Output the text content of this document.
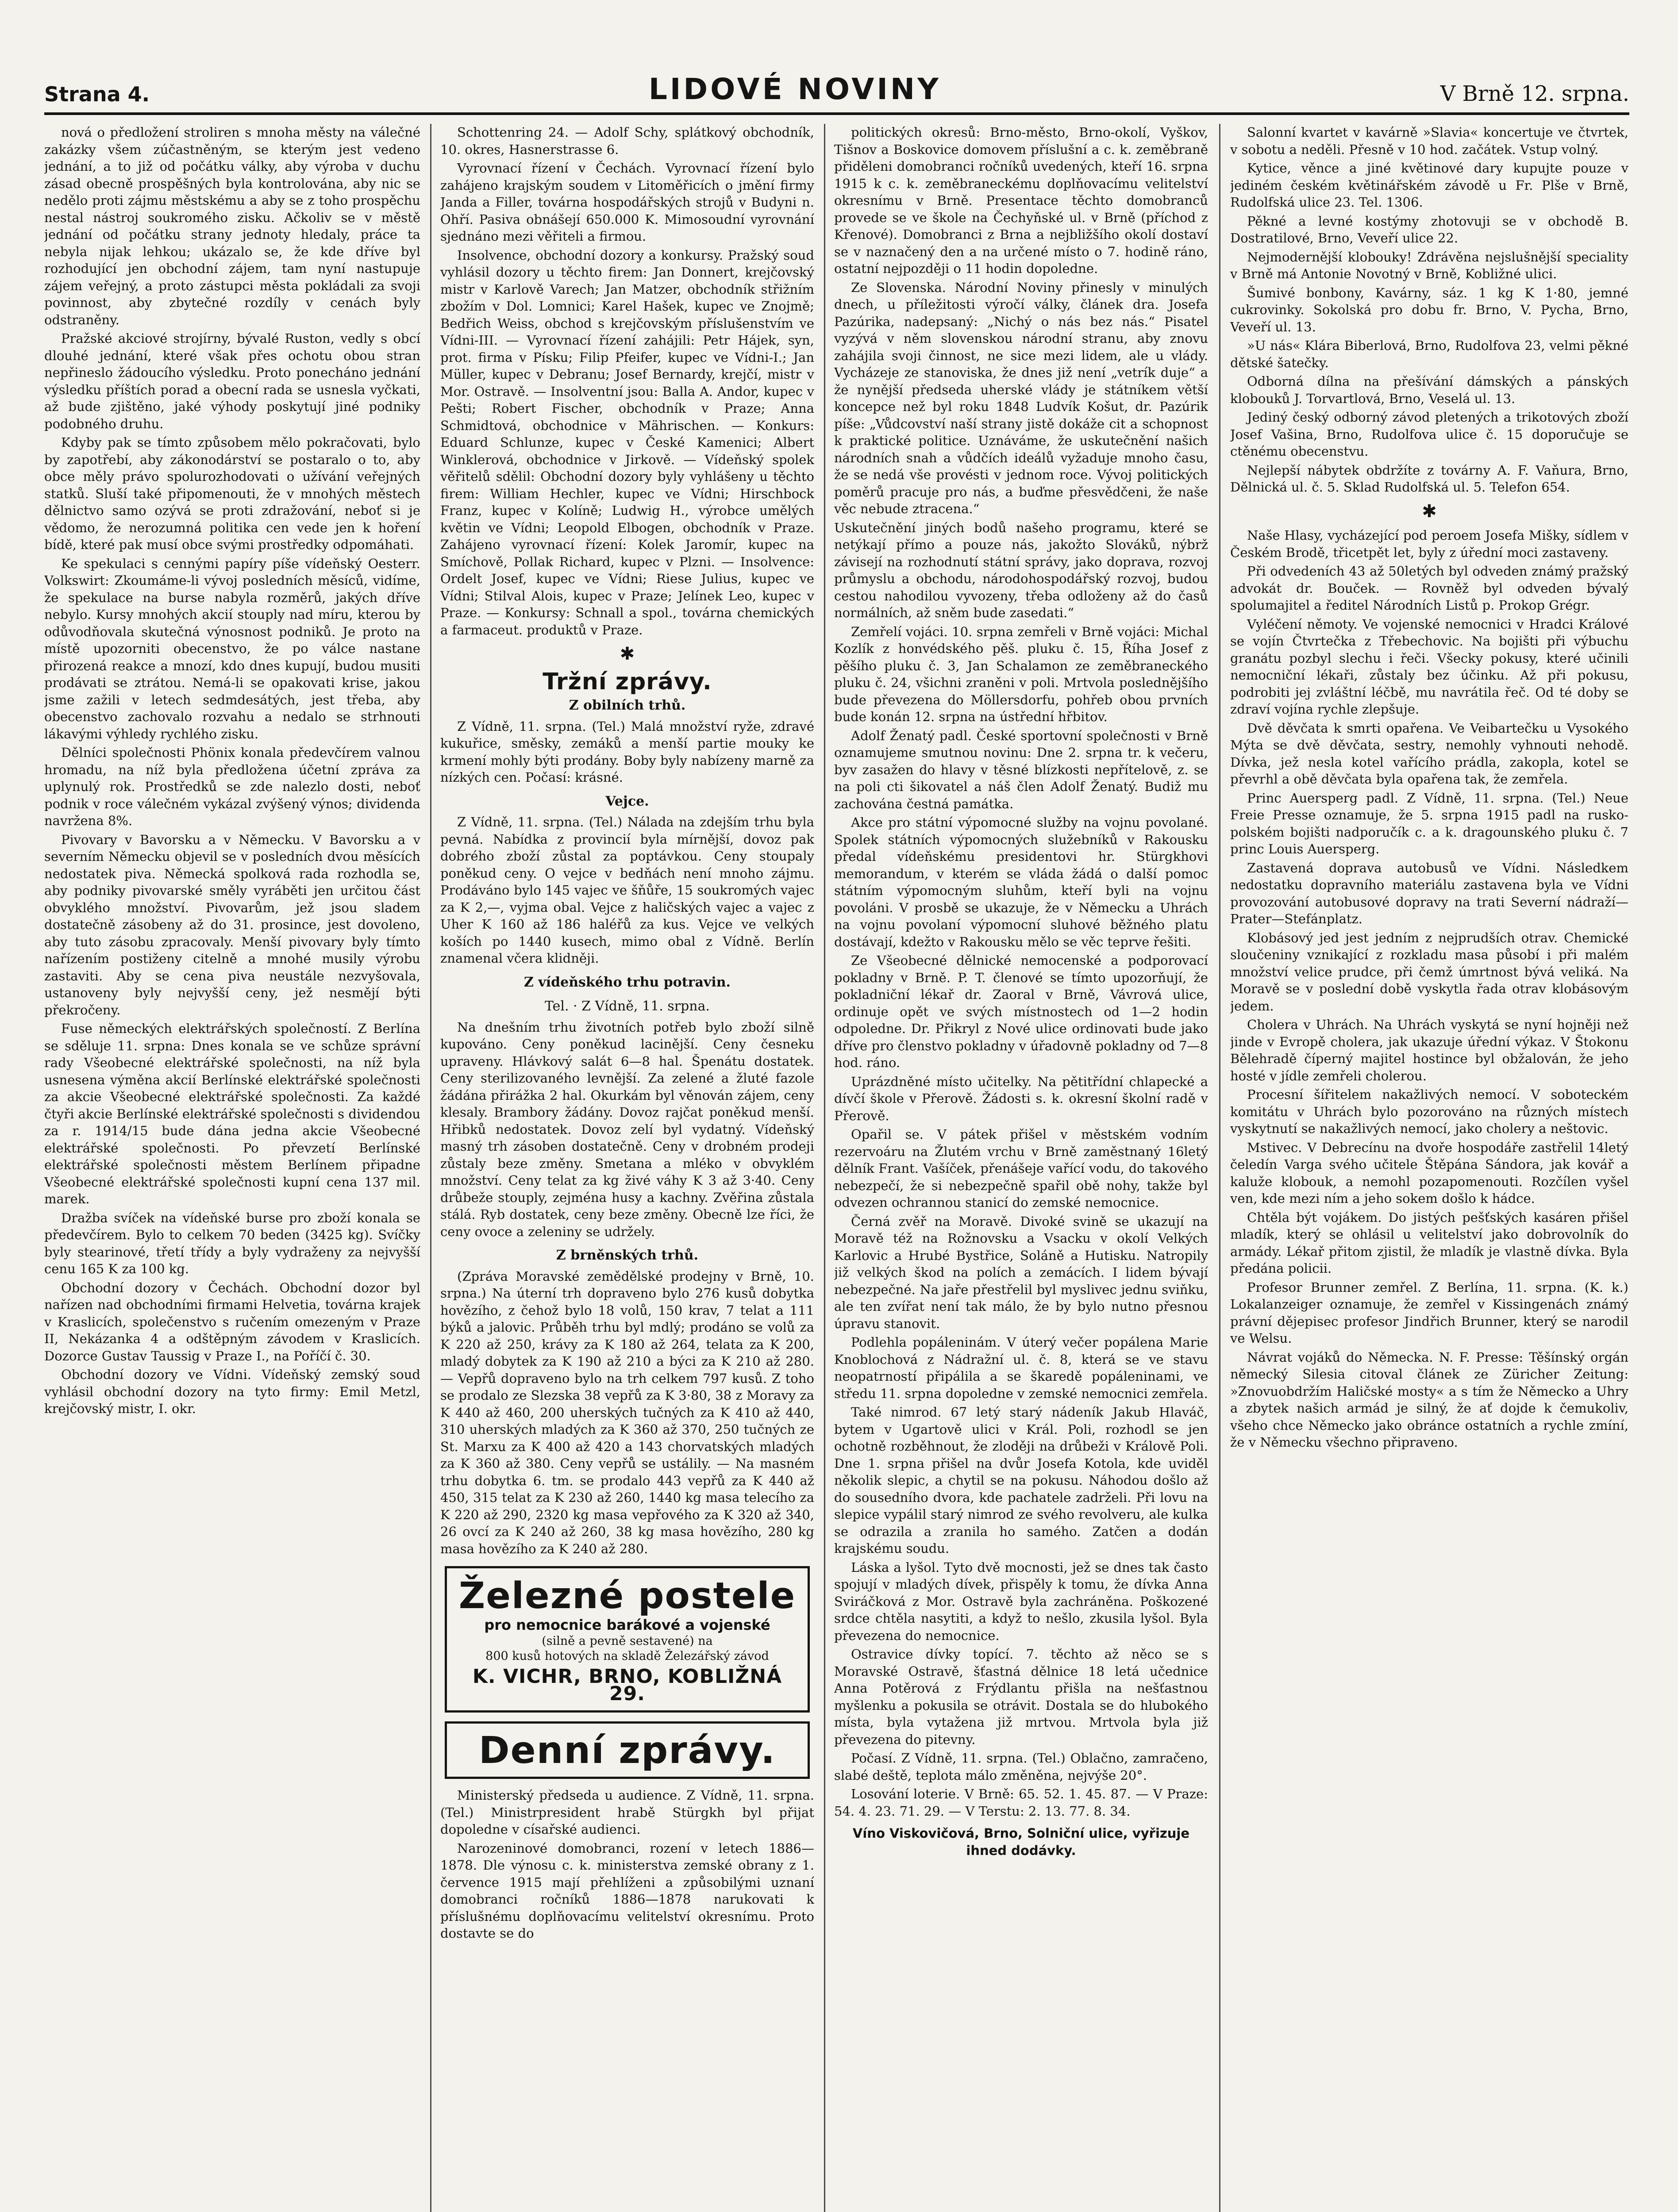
Strana 4.	LIDOVÉ NOVINY	V Brně 12. srpna.

nová o předložení stroliren s mnoha městy na válečné zakázky všem zúčastněným, se kterým jest vedeno jednání, a to již od počátku války, aby výroba v duchu zásad obecně prospěšných byla kontrolována, aby nic se nedělo proti zájmu městskému a aby se z toho prospěchu nestal nástroj soukromého zisku. Ačkoliv se v městě jednání od počátku strany jednoty hledaly, práce ta nebyla nijak lehkou; ukázalo se, že kde dříve byl rozhodující jen obchodní zájem, tam nyní nastupuje zájem veřejný, a proto zástupci města pokládali za svoji povinnost, aby zbytečné rozdíly v cenách byly odstraněny.

Pražské akciové strojírny, bývalé Ruston, vedly s obcí dlouhé jednání, které však přes ochotu obou stran nepřineslo žádoucího výsledku. Proto ponecháno jednání výsledku příštích porad a obecní rada se usnesla vyčkati, až bude zjištěno, jaké výhody poskytují jiné podniky podobného druhu.

Kdyby pak se tímto způsobem mělo pokračovati, bylo by zapotřebí, aby zákonodárství se postaralo o to, aby obce měly právo spolurozhodovati o užívání veřejných statků. Sluší také připomenouti, že v mnohých městech dělnictvo samo ozývá se proti zdražování, neboť si je vědomo, že nerozumná politika cen vede jen k hoření bídě, které pak musí obce svými prostředky odpomáhati.

Ke spekulaci s cennými papíry píše vídeňský Oesterr. Volkswirt: Zkoumáme-li vývoj posledních měsíců, vidíme, že spekulace na burse nabyla rozměrů, jakých dříve nebylo. Kursy mnohých akcií stouply nad míru, kterou by odůvodňovala skutečná výnosnost podniků. Je proto na místě upozorniti obecenstvo, že po válce nastane přirozená reakce a mnozí, kdo dnes kupují, budou musiti prodávati se ztrátou. Nemá-li se opakovati krise, jakou jsme zažili v letech sedmdesátých, jest třeba, aby obecenstvo zachovalo rozvahu a nedalo se strhnouti lákavými výhledy rychlého zisku.

Dělníci společnosti Phönix konala předevčírem valnou hromadu, na níž byla předložena účetní zpráva za uplynulý rok. Prostředků se zde nalezlo dosti, neboť podnik v roce válečném vykázal zvýšený výnos; dividenda navržena 8%.

Pivovary v Bavorsku a v Německu. V Bavorsku a v severním Německu objevil se v posledních dvou měsících nedostatek piva. Německá spolková rada rozhodla se, aby podniky pivovarské směly vyráběti jen určitou část obvyklého množství. Pivovarům, jež jsou sladem dostatečně zásobeny až do 31. prosince, jest dovoleno, aby tuto zásobu zpracovaly. Menší pivovary byly tímto nařízením postiženy citelně a mnohé musily výrobu zastaviti. Aby se cena piva neustále nezvyšovala, ustanoveny byly nejvyšší ceny, jež nesmějí býti překročeny.

Fuse německých elektrářských společností. Z Berlína se sděluje 11. srpna: Dnes konala se ve schůze správní rady Všeobecné elektrářské společnosti, na níž byla usnesena výměna akcií Berlínské elektrářské společnosti za akcie Všeobecné elektrářské společnosti. Za každé čtyři akcie Berlínské elektrářské společnosti s dividendou za r. 1914/15 bude dána jedna akcie Všeobecné elektrářské společnosti. Po převzetí Berlínské elektrářské společnosti městem Berlínem připadne Všeobecné elektrářské společnosti kupní cena 137 mil. marek.

Dražba svíček na vídeňské burse pro zboží konala se předevčírem. Bylo to celkem 70 beden (3425 kg). Svíčky byly stearinové, třetí třídy a byly vydraženy za nejvyšší cenu 165 K za 100 kg.

Obchodní dozory v Čechách. Obchodní dozor byl nařízen nad obchodními firmami Helvetia, továrna krajek v Kraslicích, společenstvo s ručením omezeným v Praze II, Nekázanka 4 a odštěpným závodem v Kraslicích. Dozorce Gustav Taussig v Praze I., na Poříčí č. 30.

Obchodní dozory ve Vídni. Vídeňský zemský soud vyhlásil obchodní dozory na tyto firmy: Emil Metzl, krejčovský mistr, I. okr.

Schottenring 24. — Adolf Schy, splátkový obchodník, 10. okres, Hasnerstrasse 6.

Vyrovnací řízení v Čechách. Vyrovnací řízení bylo zahájeno krajským soudem v Litoměřicích o jmění firmy Janda a Filler, továrna hospodářských strojů v Budyni n. Ohří. Pasiva obnášejí 650.000 K. Mimosoudní vyrovnání sjednáno mezi věřiteli a firmou.

Insolvence, obchodní dozory a konkursy. Pražský soud vyhlásil dozory u těchto firem: Jan Donnert, krejčovský mistr v Karlově Varech; Jan Matzer, obchodník střižním zbožím v Dol. Lomnici; Karel Hašek, kupec ve Znojmě; Bedřich Weiss, obchod s krejčovským příslušenstvím ve Vídni-III. — Vyrovnací řízení zahájili: Petr Hájek, syn, prot. firma v Písku; Filip Pfeifer, kupec ve Vídni-I.; Jan Müller, kupec v Debranu; Josef Bernardy, krejčí, mistr v Mor. Ostravě. — Insolventní jsou: Balla A. Andor, kupec v Pešti; Robert Fischer, obchodník v Praze; Anna Schmidtová, obchodnice v Mährischen. — Konkurs: Eduard Schlunze, kupec v České Kamenici; Albert Winklerová, obchodnice v Jirkově. — Vídeňský spolek věřitelů sdělil: Obchodní dozory byly vyhlášeny u těchto firem: William Hechler, kupec ve Vídni; Hirschbock Franz, kupec v Kolíně; Ludwig H., výrobce umělých květin ve Vídni; Leopold Elbogen, obchodník v Praze. Zahájeno vyrovnací řízení: Kolek Jaromír, kupec na Smíchově, Pollak Richard, kupec v Plzni. — Insolvence: Ordelt Josef, kupec ve Vídni; Riese Julius, kupec ve Vídni; Stilval Alois, kupec v Praze; Jelínek Leo, kupec v Praze. — Konkursy: Schnall a spol., továrna chemických a farmaceut. produktů v Praze.

✱
Tržní zprávy.
Z obilních trhů.

Z Vídně, 11. srpna. (Tel.) Malá množství ryže, zdravé kukuřice, směsky, zemáků a menší partie mouky ke krmení mohly býti prodány. Boby byly nabízeny marně za nízkých cen. Počasí: krásné.

Vejce.

Z Vídně, 11. srpna. (Tel.) Nálada na zdejším trhu byla pevná. Nabídka z provincií byla mírnější, dovoz pak dobrého zboží zůstal za poptávkou. Ceny stoupaly poněkud ceny. O vejce v bedňách není mnoho zájmu. Prodáváno bylo 145 vajec ve šňůře, 15 soukromých vajec za K 2,—, vyjma obal. Vejce z haličských vajec a vajec z Uher K 160 až 186 haléřů za kus. Vejce ve velkých koších po 1440 kusech, mimo obal z Vídně. Berlín znamenal včera klidněji.

Z vídeňského trhu potravin.
Tel. · Z Vídně, 11. srpna.

Na dnešním trhu životních potřeb bylo zboží silně kupováno. Ceny poněkud lacinější. Ceny česneku upraveny. Hlávkový salát 6—8 hal. Špenátu dostatek. Ceny sterilizovaného levnější. Za zelené a žluté fazole žádána přirážka 2 hal. Okurkám byl věnován zájem, ceny klesaly. Brambory žádány. Dovoz rajčat poněkud menší. Hřibků nedostatek. Dovoz zelí byl vydatný. Vídeňský masný trh zásoben dostatečně. Ceny v drobném prodeji zůstaly beze změny. Smetana a mléko v obvyklém množství. Ceny telat za kg živé váhy K 3 až 3·40. Ceny drůbeže stouply, zejména husy a kachny. Zvěřina zůstala stálá. Ryb dostatek, ceny beze změny. Obecně lze říci, že ceny ovoce a zeleniny se udržely.

Z brněnských trhů.

(Zpráva Moravské zemědělské prodejny v Brně, 10. srpna.) Na úterní trh dopraveno bylo 276 kusů dobytka hovězího, z čehož bylo 18 volů, 150 krav, 7 telat a 111 býků a jalovic. Průběh trhu byl mdlý; prodáno se volů za K 220 až 250, krávy za K 180 až 264, telata za K 200, mladý dobytek za K 190 až 210 a býci za K 210 až 280. — Vepřů dopraveno bylo na trh celkem 797 kusů. Z toho se prodalo ze Slezska 38 vepřů za K 3·80, 38 z Moravy za K 440 až 460, 200 uherských tučných za K 410 až 440, 310 uherských mladých za K 360 až 370, 250 tučných ze St. Marxu za K 400 až 420 a 143 chorvatských mladých za K 360 až 380. Ceny vepřů se ustálily. — Na masném trhu dobytka 6. tm. se prodalo 443 vepřů za K 440 až 450, 315 telat za K 230 až 260, 1440 kg masa telecího za K 220 až 290, 2320 kg masa vepřového za K 320 až 340, 26 ovcí za K 240 až 260, 38 kg masa hovězího, 280 kg masa hovězího za K 240 až 280.

Železné postele
pro nemocnice barákové a vojenské
(silně a pevně sestavené) na
800 kusů hotových na skladě Železářský závod
K. VICHR, BRNO, KOBLIŽNÁ 29.
Denní zprávy.

Ministerský předseda u audience. Z Vídně, 11. srpna. (Tel.) Ministrpresident hrabě Stürgkh byl přijat dopoledne v císařské audienci.

Narozeninové domobranci, rození v letech 1886—1878. Dle výnosu c. k. ministerstva zemské obrany z 1. července 1915 mají přehlíženi a způsobilými uznaní domobranci ročníků 1886—1878 narukovati k příslušnému doplňovacímu velitelství okresnímu. Proto dostavte se do

politických okresů: Brno-město, Brno-okolí, Vyškov, Tišnov a Boskovice domovem příslušní a c. k. zeměbraně přiděleni domobranci ročníků uvedených, kteří 16. srpna 1915 k c. k. zeměbraneckému doplňovacímu velitelství okresnímu v Brně. Presentace těchto domobranců provede se ve škole na Čechyňské ul. v Brně (příchod z Křenové). Domobranci z Brna a nejbližšího okolí dostaví se v naznačený den a na určené místo o 7. hodině ráno, ostatní nejpozději o 11 hodin dopoledne.

Ze Slovenska. Národní Noviny přinesly v minulých dnech, u příležitosti výročí války, článek dra. Josefa Pazúrika, nadepsaný: „Nichý o nás bez nás.“ Pisatel vyzývá v něm slovenskou národní stranu, aby znovu zahájila svoji činnost, ne sice mezi lidem, ale u vlády. Vycházeje ze stanoviska, že dnes již není „vetrík duje“ a že nynější předseda uherské vlády je státníkem větší koncepce než byl roku 1848 Ludvík Košut, dr. Pazúrik píše: „Vůdcovství naší strany jistě dokáže cit a schopnost k praktické politice. Uznáváme, že uskutečnění našich národních snah a vůdčích ideálů vyžaduje mnoho času, že se nedá vše provésti v jednom roce. Vývoj politických poměrů pracuje pro nás, a buďme přesvědčeni, že naše věc nebude ztracena.“

Uskutečnění jiných bodů našeho programu, které se netýkají přímo a pouze nás, jakožto Slováků, nýbrž závisejí na rozhodnutí státní správy, jako doprava, rozvoj průmyslu a obchodu, národohospodářský rozvoj, budou cestou nahodilou vyvozeny, třeba odloženy až do časů normálních, až sněm bude zasedati.“

Zemřelí vojáci. 10. srpna zemřeli v Brně vojáci: Michal Kozlík z honvédského pěš. pluku č. 15, Říha Josef z pěšího pluku č. 3, Jan Schalamon ze zeměbraneckého pluku č. 24, všichni zraněni v poli. Mrtvola poslednějšího bude převezena do Möllersdorfu, pohřeb obou prvních bude konán 12. srpna na ústřední hřbitov.

Adolf Ženatý padl. České sportovní společnosti v Brně oznamujeme smutnou novinu: Dne 2. srpna tr. k večeru, byv zasažen do hlavy v těsné blízkosti nepřítelově, z. se na poli cti šikovatel a náš člen Adolf Ženatý. Budiž mu zachována čestná památka.

Akce pro státní výpomocné služby na vojnu povolané. Spolek státních výpomocných služebníků v Rakousku předal vídeňskému presidentovi hr. Stürgkhovi memorandum, v kterém se vláda žádá o další pomoc státním výpomocným sluhům, kteří byli na vojnu povoláni. V prosbě se ukazuje, že v Německu a Uhrách na vojnu povolaní výpomocní sluhové běžného platu dostávají, kdežto v Rakousku mělo se věc teprve řešiti.

Ze Všeobecné dělnické nemocenské a podporovací pokladny v Brně. P. T. členové se tímto upozorňují, že pokladniční lékař dr. Zaoral v Brně, Vávrová ulice, ordinuje opět ve svých místnostech od 1—2 hodin odpoledne. Dr. Přikryl z Nové ulice ordinovati bude jako dříve pro členstvo pokladny v úřadovně pokladny od 7—8 hod. ráno.

Uprázdněné místo učitelky. Na pětitřídní chlapecké a dívčí škole v Přerově. Žádosti s. k. okresní školní radě v Přerově.

Opařil se. V pátek přišel v městském vodním rezervoáru na Žlutém vrchu v Brně zaměstnaný 16letý dělník Frant. Vašíček, přenášeje vařící vodu, do takového nebezpečí, že si nebezpečně spařil obě nohy, takže byl odvezen ochrannou stanicí do zemské nemocnice.

Černá zvěř na Moravě. Divoké svině se ukazují na Moravě též na Rožnovsku a Vsacku v okolí Velkých Karlovic a Hrubé Bystřice, Soláně a Hutisku. Natropily již velkých škod na polích a zemácích. I lidem bývají nebezpečné. Na jaře přestřelil byl myslivec jednu sviňku, ale ten zvířat není tak málo, že by bylo nutno přesnou úpravu stanovit.

Podlehla popáleninám. V úterý večer popálena Marie Knoblochová z Nádražní ul. č. 8, která se ve stavu neopatrností připálila a se škaredě popáleninami, ve středu 11. srpna dopoledne v zemské nemocnici zemřela.

Také nimrod. 67 letý starý nádeník Jakub Hlaváč, bytem v Ugartově ulici v Král. Poli, rozhodl se jen ochotně rozběhnout, že zloději na drůbeži v Králově Poli. Dne 1. srpna přišel na dvůr Josefa Kotola, kde uviděl několik slepic, a chytil se na pokusu. Náhodou došlo až do sousedního dvora, kde pachatele zadrželi. Při lovu na slepice vypálil starý nimrod ze svého revolveru, ale kulka se odrazila a zranila ho samého. Zatčen a dodán krajskému soudu.

Láska a lyšol. Tyto dvě mocnosti, jež se dnes tak často spojují v mladých dívek, přispěly k tomu, že dívka Anna Sviráčková z Mor. Ostravě byla zachráněna. Poškozené srdce chtěla nasytiti, a když to nešlo, zkusila lyšol. Byla převezena do nemocnice.

Ostravice dívky topící. 7. těchto až něco se s Moravské Ostravě, šťastná dělnice 18 letá učednice Anna Potěrová z Frýdlantu přišla na nešťastnou myšlenku a pokusila se otrávit. Dostala se do hlubokého místa, byla vytažena již mrtvou. Mrtvola byla již převezena do pitevny.

Počasí. Z Vídně, 11. srpna. (Tel.) Oblačno, zamračeno, slabé deště, teplota málo změněna, nejvýše 20°.

Losování loterie. V Brně: 65. 52. 1. 45. 87. — V Praze: 54. 4. 23. 71. 29. — V Terstu: 2. 13. 77. 8. 34.

Víno Viskovičová, Brno, Solniční ulice, vyřizuje ihned dodávky.

Salonní kvartet v kavárně »Slavia« koncertuje ve čtvrtek, v sobotu a neděli. Přesně v 10 hod. začátek. Vstup volný.

Kytice, věnce a jiné květinové dary kupujte pouze v jediném českém květinářském závodě u Fr. Plše v Brně, Rudolfská ulice 23. Tel. 1306.

Pěkné a levné kostýmy zhotovuji se v obchodě B. Dostratilové, Brno, Veveří ulice 22.

Nejmodernější klobouky! Zdrávěna nejslušnější speciality v Brně má Antonie Novotný v Brně, Kobližné ulici.

Šumivé bonbony, Kavárny, sáz. 1 kg K 1·80, jemné cukrovinky. Sokolská pro dobu fr. Brno, V. Pycha, Brno, Veveří ul. 13.

»U nás« Klára Biberlová, Brno, Rudolfova 23, velmi pěkné dětské šatečky.

Odborná dílna na přešívání dámských a pánských klobouků J. Torvartlová, Brno, Veselá ul. 13.

Jediný český odborný závod pletených a trikotových zboží Josef Vašina, Brno, Rudolfova ulice č. 15 doporučuje se ctěnému obecenstvu.

Nejlepší nábytek obdržíte z továrny A. F. Vaňura, Brno, Dělnická ul. č. 5. Sklad Rudolfská ul. 5. Telefon 654.

✱

Naše Hlasy, vycházející pod peroem Josefa Mišky, sídlem v Českém Brodě, třicetpět let, byly z úřední moci zastaveny.

Při odvedeních 43 až 50letých byl odveden známý pražský advokát dr. Bouček. — Rovněž byl odveden bývalý spolumajitel a ředitel Národních Listů p. Prokop Grégr.

Vyléčení němoty. Ve vojenské nemocnici v Hradci Králové se vojín Čtvrtečka z Třebechovic. Na bojišti při výbuchu granátu pozbyl slechu i řeči. Všecky pokusy, které učinili nemocniční lékaři, zůstaly bez účinku. Až při pokusu, podrobiti jej zvláštní léčbě, mu navrátila řeč. Od té doby se zdraví vojína rychle zlepšuje.

Dvě děvčata k smrti opařena. Ve Veibartečku u Vysokého Mýta se dvě děvčata, sestry, nemohly vyhnouti nehodě. Dívka, jež nesla kotel vařícího prádla, zakopla, kotel se převrhl a obě děvčata byla opařena tak, že zemřela.

Princ Auersperg padl. Z Vídně, 11. srpna. (Tel.) Neue Freie Presse oznamuje, že 5. srpna 1915 padl na rusko-polském bojišti nadporučík c. a k. dragounského pluku č. 7 princ Louis Auersperg.

Zastavená doprava autobusů ve Vídni. Následkem nedostatku dopravního materiálu zastavena byla ve Vídni provozování autobusové dopravy na trati Severní nádraží—Prater—Stefánplatz.

Klobásový jed jest jedním z nejprudších otrav. Chemické sloučeniny vznikající z rozkladu masa působí i při malém množství velice prudce, při čemž úmrtnost bývá veliká. Na Moravě se v poslední době vyskytla řada otrav klobásovým jedem.

Cholera v Uhrách. Na Uhrách vyskytá se nyní hojněji než jinde v Evropě cholera, jak ukazuje úřední výkaz. V Štokonu Bělehradě číperný majitel hostince byl obžalován, že jeho hosté v jídle zemřeli cholerou.

Procesní šířitelem nakažlivých nemocí. V soboteckém komitátu v Uhrách bylo pozorováno na různých místech vyskytnutí se nakažlivých nemocí, jako cholery a neštovic.

Mstivec. V Debrecínu na dvoře hospodáře zastřelil 14letý čeledín Varga svého učitele Štěpána Sándora, jak kovář a kaluže klobouk, a nemohl pozapomenouti. Rozčílen vyšel ven, kde mezi ním a jeho sokem došlo k hádce.

Chtěla být vojákem. Do jistých pešťských kasáren přišel mladík, který se ohlásil u velitelství jako dobrovolník do armády. Lékař přitom zjistil, že mladík je vlastně dívka. Byla předána policii.

Profesor Brunner zemřel. Z Berlína, 11. srpna. (K. k.) Lokalanzeiger oznamuje, že zemřel v Kissingenách známý právní dějepisec profesor Jindřich Brunner, který se narodil ve Welsu.

Návrat vojáků do Německa. N. F. Presse: Těšínský orgán německý Silesia citoval článek ze Züricher Zeitung: »Znovuobdržím Haličské mosty« a s tím že Německo a Uhry a zbytek našich armád je silný, že ať dojde k čemukoliv, všeho chce Německo jako obránce ostatních a rychle zmíní, že v Německu všechno připraveno.
